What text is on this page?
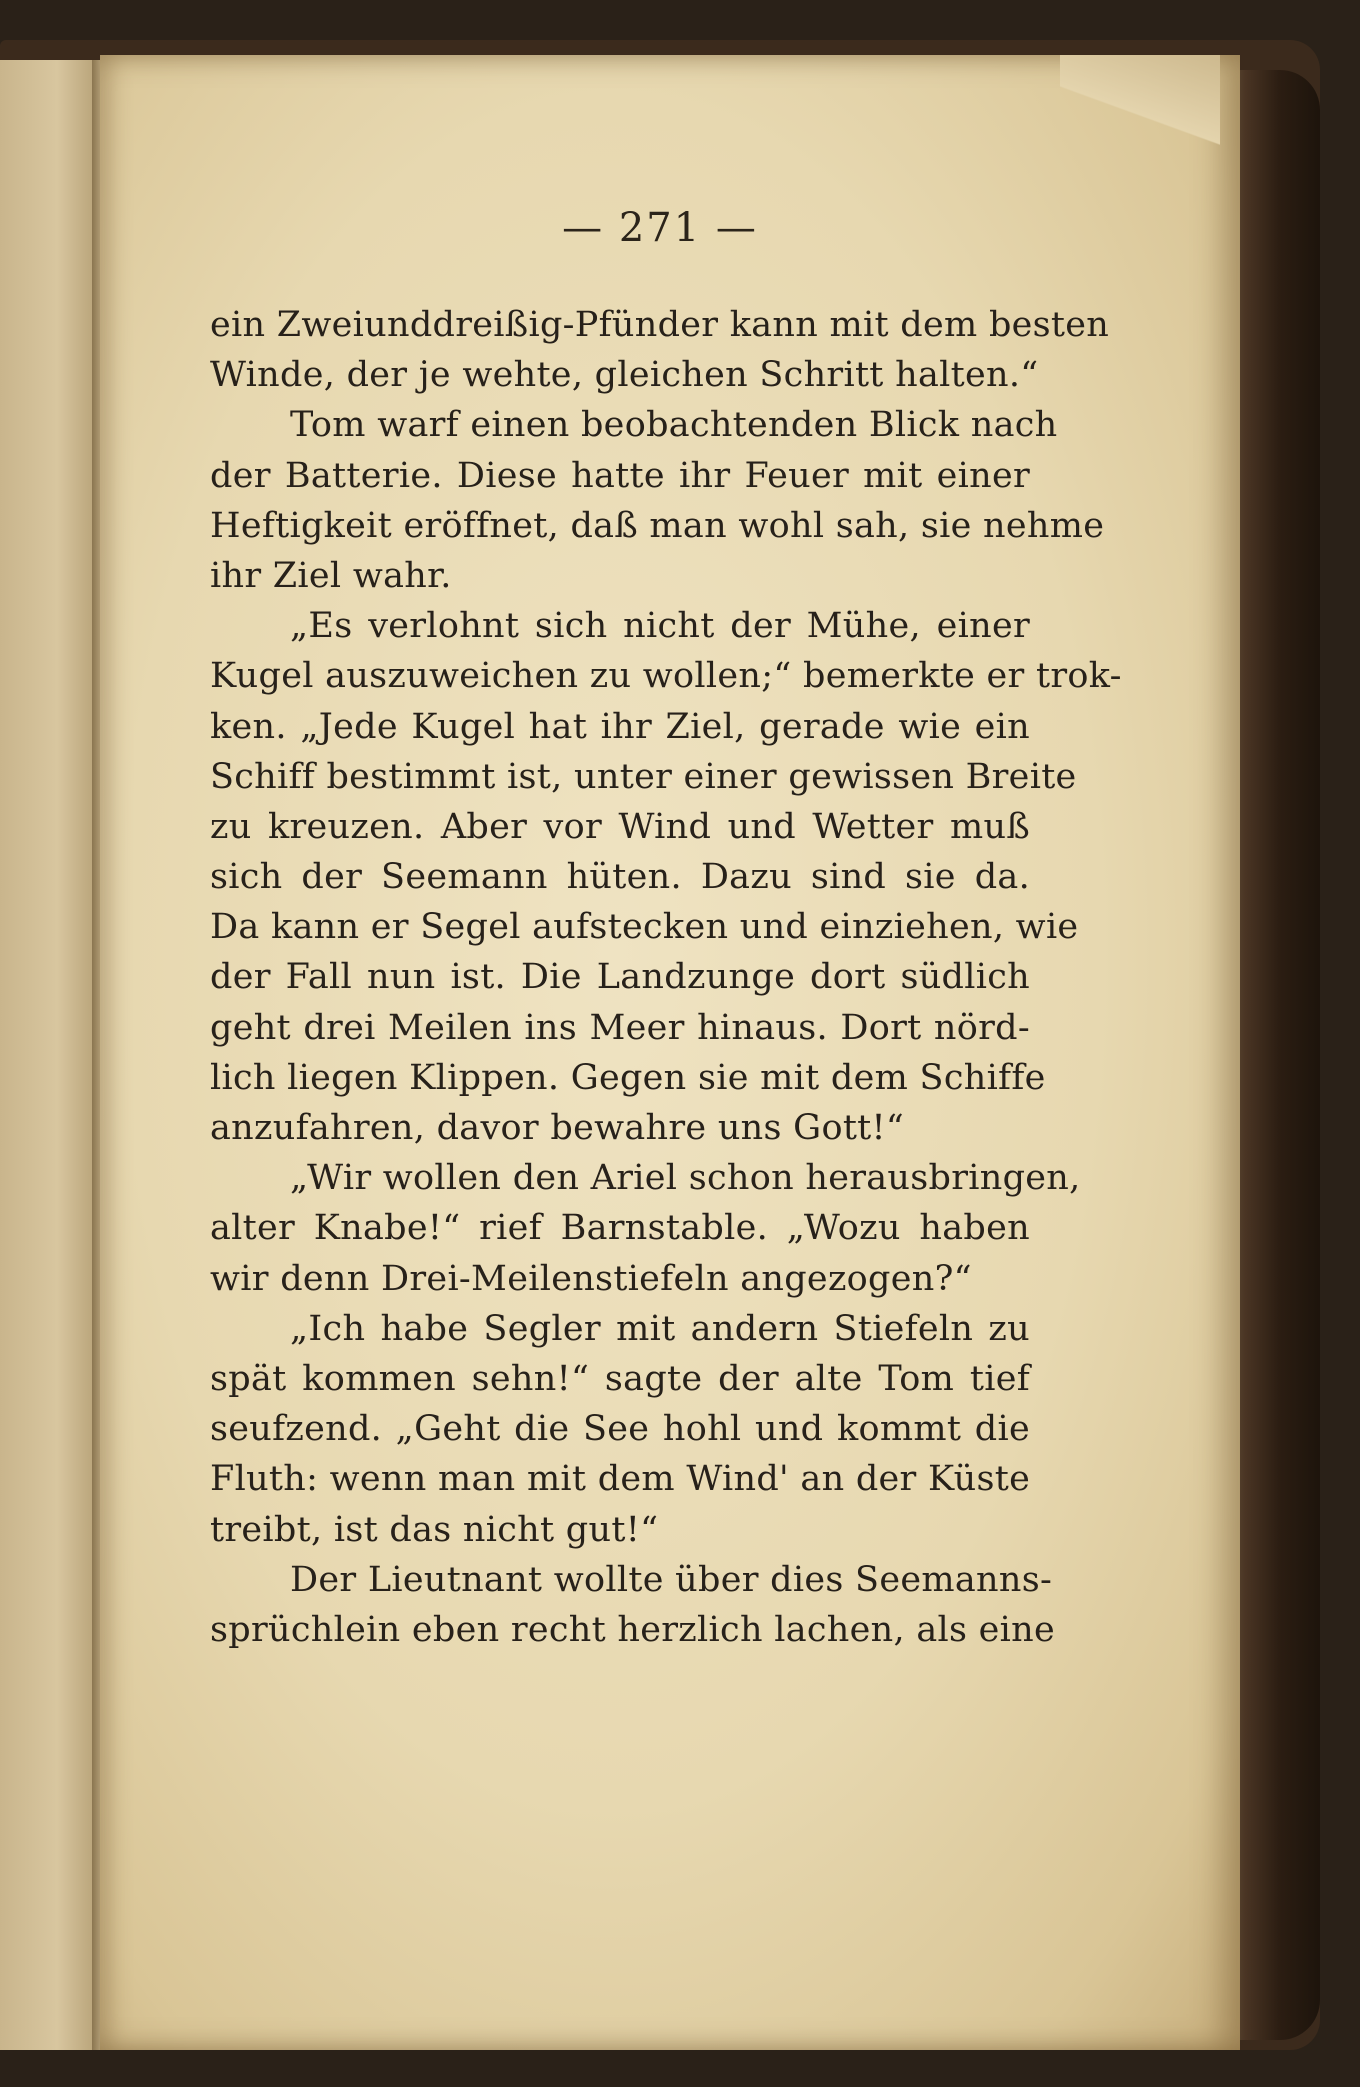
— 271 —
ein Zweiunddreißig-Pfünder kann mit dem besten
Winde, der je wehte, gleichen Schritt halten.“
Tom warf einen beobachtenden Blick nach
der Batterie. Diese hatte ihr Feuer mit einer
Heftigkeit eröffnet, daß man wohl sah, sie nehme
ihr Ziel wahr.
„Es verlohnt sich nicht der Mühe, einer
Kugel auszuweichen zu wollen;“ bemerkte er trok-
ken. „Jede Kugel hat ihr Ziel, gerade wie ein
Schiff bestimmt ist, unter einer gewissen Breite
zu kreuzen. Aber vor Wind und Wetter muß
sich der Seemann hüten. Dazu sind sie da.
Da kann er Segel aufstecken und einziehen, wie
der Fall nun ist. Die Landzunge dort südlich
geht drei Meilen ins Meer hinaus. Dort nörd-
lich liegen Klippen. Gegen sie mit dem Schiffe
anzufahren, davor bewahre uns Gott!“
„Wir wollen den Ariel schon herausbringen,
alter Knabe!“ rief Barnstable. „Wozu haben
wir denn Drei-Meilenstiefeln angezogen?“
„Ich habe Segler mit andern Stiefeln zu
spät kommen sehn!“ sagte der alte Tom tief
seufzend. „Geht die See hohl und kommt die
Fluth: wenn man mit dem Wind' an der Küste
treibt, ist das nicht gut!“
Der Lieutnant wollte über dies Seemanns-
sprüchlein eben recht herzlich lachen, als eine
